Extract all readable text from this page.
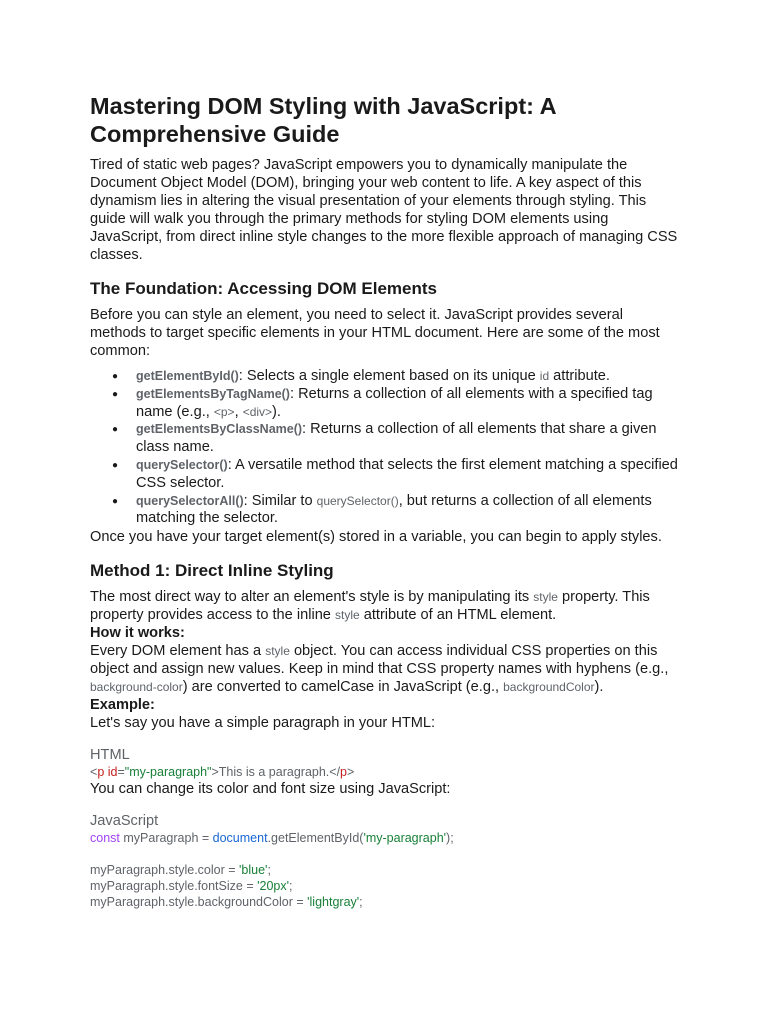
Mastering DOM Styling with JavaScript: A Comprehensive Guide

Tired of static web pages? JavaScript empowers you to dynamically manipulate the Document Object Model (DOM), bringing your web content to life. A key aspect of this dynamism lies in altering the visual presentation of your elements through styling. This guide will walk you through the primary methods for styling DOM elements using JavaScript, from direct inline style changes to the more flexible approach of managing CSS classes.

The Foundation: Accessing DOM Elements

Before you can style an element, you need to select it. JavaScript provides several methods to target specific elements in your HTML document. Here are some of the most common:

● getElementById(): Selects a single element based on its unique id attribute.
● getElementsByTagName(): Returns a collection of all elements with a specified tag name (e.g., <p>, <div>).
● getElementsByClassName(): Returns a collection of all elements that share a given class name.
● querySelector(): A versatile method that selects the first element matching a specified CSS selector.
● querySelectorAll(): Similar to querySelector(), but returns a collection of all elements matching the selector.

Once you have your target element(s) stored in a variable, you can begin to apply styles.

Method 1: Direct Inline Styling

The most direct way to alter an element's style is by manipulating its style property. This property provides access to the inline style attribute of an HTML element.

How it works:

Every DOM element has a style object. You can access individual CSS properties on this object and assign new values. Keep in mind that CSS property names with hyphens (e.g., background-color) are converted to camelCase in JavaScript (e.g., backgroundColor).

Example:

Let's say you have a simple paragraph in your HTML:

HTML
<p id="my-paragraph">This is a paragraph.</p>

You can change its color and font size using JavaScript:

JavaScript
const myParagraph = document.getElementById('my-paragraph');
myParagraph.style.color = 'blue';
myParagraph.style.fontSize = '20px';
myParagraph.style.backgroundColor = 'lightgray';
